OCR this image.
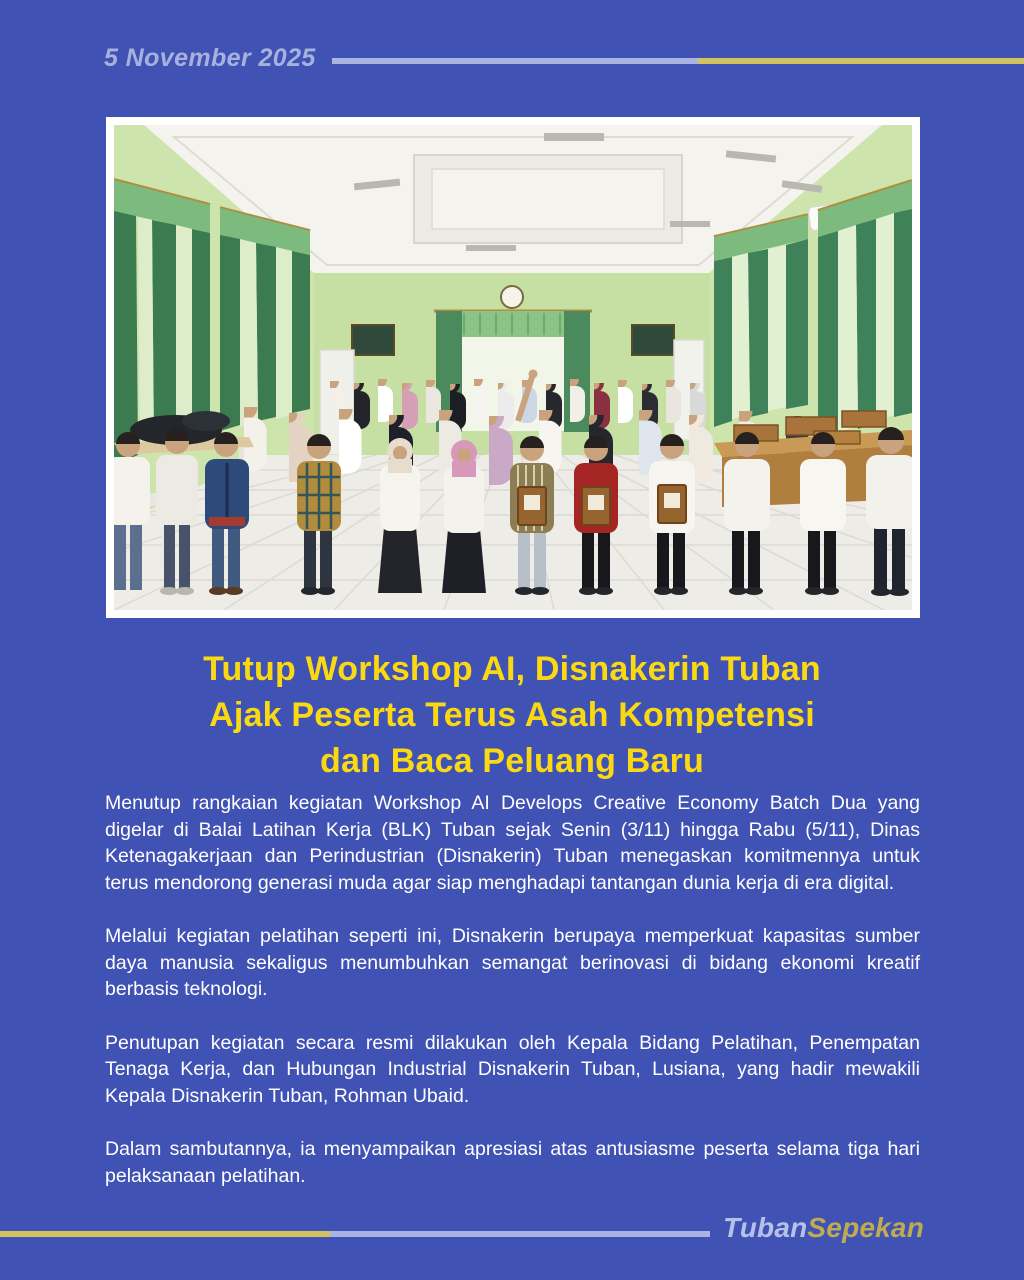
5 November 2025
Tutup Workshop AI, Disnakerin Tuban
Ajak Peserta Terus Asah Kompetensi
dan Baca Peluang Baru

Menutup rangkaian kegiatan Workshop AI Develops Creative Economy Batch Dua yang digelar di Balai Latihan Kerja (BLK) Tuban sejak Senin (3/11) hingga Rabu (5/11), Dinas Ketenagakerjaan dan Perindustrian (Disnakerin) Tuban menegaskan komitmennya untuk terus mendorong generasi muda agar siap menghadapi tantangan dunia kerja di era digital.

Melalui kegiatan pelatihan seperti ini, Disnakerin berupaya memperkuat kapasitas sumber daya manusia sekaligus menumbuhkan semangat berinovasi di bidang ekonomi kreatif berbasis teknologi.

Penutupan kegiatan secara resmi dilakukan oleh Kepala Bidang Pelatihan, Penempatan Tenaga Kerja, dan Hubungan Industrial Disnakerin Tuban, Lusiana, yang hadir mewakili Kepala Disnakerin Tuban, Rohman Ubaid.

Dalam sambutannya, ia menyampaikan apresiasi atas antusiasme peserta selama tiga hari pelaksanaan pelatihan.

TubanSepekan
